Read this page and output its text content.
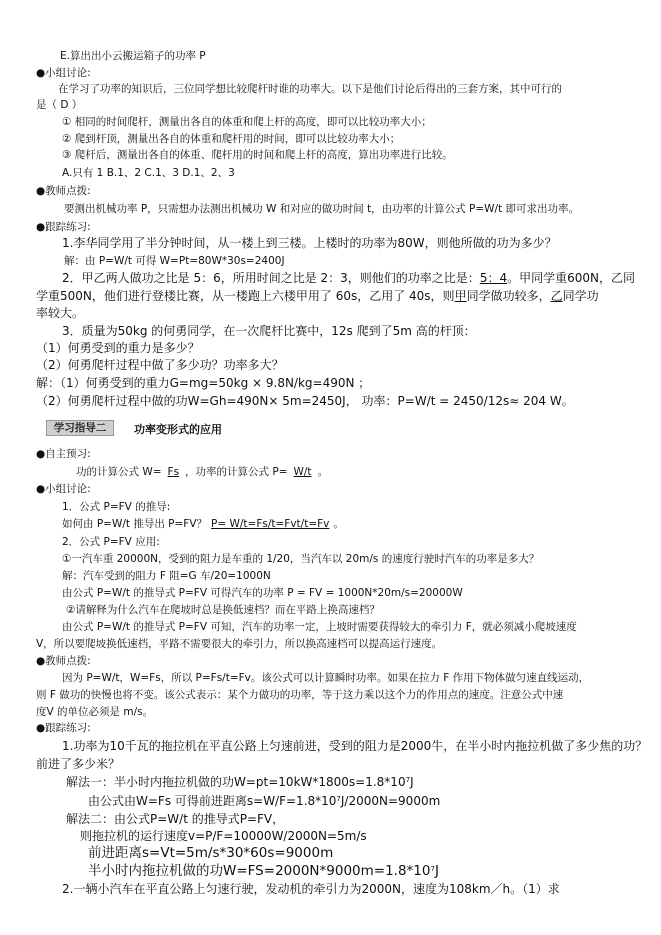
E.算出出小云搬运箱子的功率 P
●小组讨论:
在学习了功率的知识后，三位同学想比较爬杆时谁的功率大。以下是他们讨论后得出的三套方案，其中可行的
是（ D ）
① 相同的时间爬杆，测量出各自的体重和爬上杆的高度，即可以比较功率大小；
② 爬到杆顶，测量出各自的体重和爬杆用的时间，即可以比较功率大小；
③ 爬杆后，测量出各自的体重、爬杆用的时间和爬上杆的高度，算出功率进行比较。
A.只有 1 B.1、2 C.1、3 D.1、2、3
●教师点拨:
要测出机械功率 P，只需想办法测出机械功 W 和对应的做功时间 t，由功率的计算公式 P=W/t 即可求出功率。
●跟踪练习:
1.李华同学用了半分钟时间，从一楼上到三楼。上楼时的功率为80W，则他所做的功为多少？
解：由 P=W/t 可得 W=Pt=80W*30s=2400J
2．甲乙两人做功之比是 5：6，所用时间之比是 2：3，则他们的功率之比是：5：4。甲同学重600N，乙同
学重500N，他们进行登楼比赛，从一楼跑上六楼甲用了 60s，乙用了 40s，则甲同学做功较多，乙同学功
率较大。
3．质量为50kg 的何勇同学，在一次爬杆比赛中，12s 爬到了5m 高的杆顶：
（1）何勇受到的重力是多少？
（2）何勇爬杆过程中做了多少功？功率多大？
解：（1）何勇受到的重力G=mg=50kg × 9.8N/kg=490N ；
（2）何勇爬杆过程中做的功W=Gh=490N× 5m=2450J， 功率：P=W/t = 2450/12s≈ 204 W。
学习指导二	功率变形式的应用
●自主预习:
功的计算公式 W= Fs ，功率的计算公式 P= W/t 。
●小组讨论:
1．公式 P=FV 的推导:
如何由 P=W/t 推导出 P=FV？ P= W/t=Fs/t=Fvt/t=Fv 。
2．公式 P=FV 应用:
①一汽车重 20000N，受到的阻力是车重的 1/20，当汽车以 20m/s 的速度行驶时汽车的功率是多大？
解：汽车受到的阻力 F 阻=G 车/20=1000N
由公式 P=W/t 的推导式 P=FV 可得汽车的功率 P = FV = 1000N*20m/s=20000W
②请解释为什么汽车在爬坡时总是换低速档？而在平路上换高速档？
由公式 P=W/t 的推导式 P=FV 可知，汽车的功率一定，上坡时需要获得较大的牵引力 F，就必须减小爬坡速度
V，所以要爬坡换低速档，平路不需要很大的牵引力，所以换高速档可以提高运行速度。
●教师点拨:
因为 P=W/t，W=Fs，所以 P=Fs/t=Fv。该公式可以计算瞬时功率。如果在拉力 F 作用下物体做匀速直线运动，
则 F 做功的快慢也将不变。该公式表示：某个力做功的功率，等于这力乘以这个力的作用点的速度。注意公式中速
度V 的单位必须是 m/s。
●跟踪练习:
1.功率为10千瓦的拖拉机在平直公路上匀速前进，受到的阻力是2000牛，在半小时内拖拉机做了多少焦的功？
前进了多少米？
解法一：半小时内拖拉机做的功$W=pt=10kW*1800s=1.8*10^7J$
由公式由W=Fs 可得前进距离$s=W/F=1.8*10^7J/2000N=9000m$
解法二：由公式P=W/t 的推导式P=FV，
则拖拉机的运行速度v=P/F=10000W/2000N=5m/s
前进距离s=Vt=5m/s*30*60s=9000m
半小时内拖拉机做的功$W=FS=2000N*9000m=1.8*10^7J$
2.一辆小汽车在平直公路上匀速行驶，发动机的牵引力为2000N，速度为108km／h。（1）求
